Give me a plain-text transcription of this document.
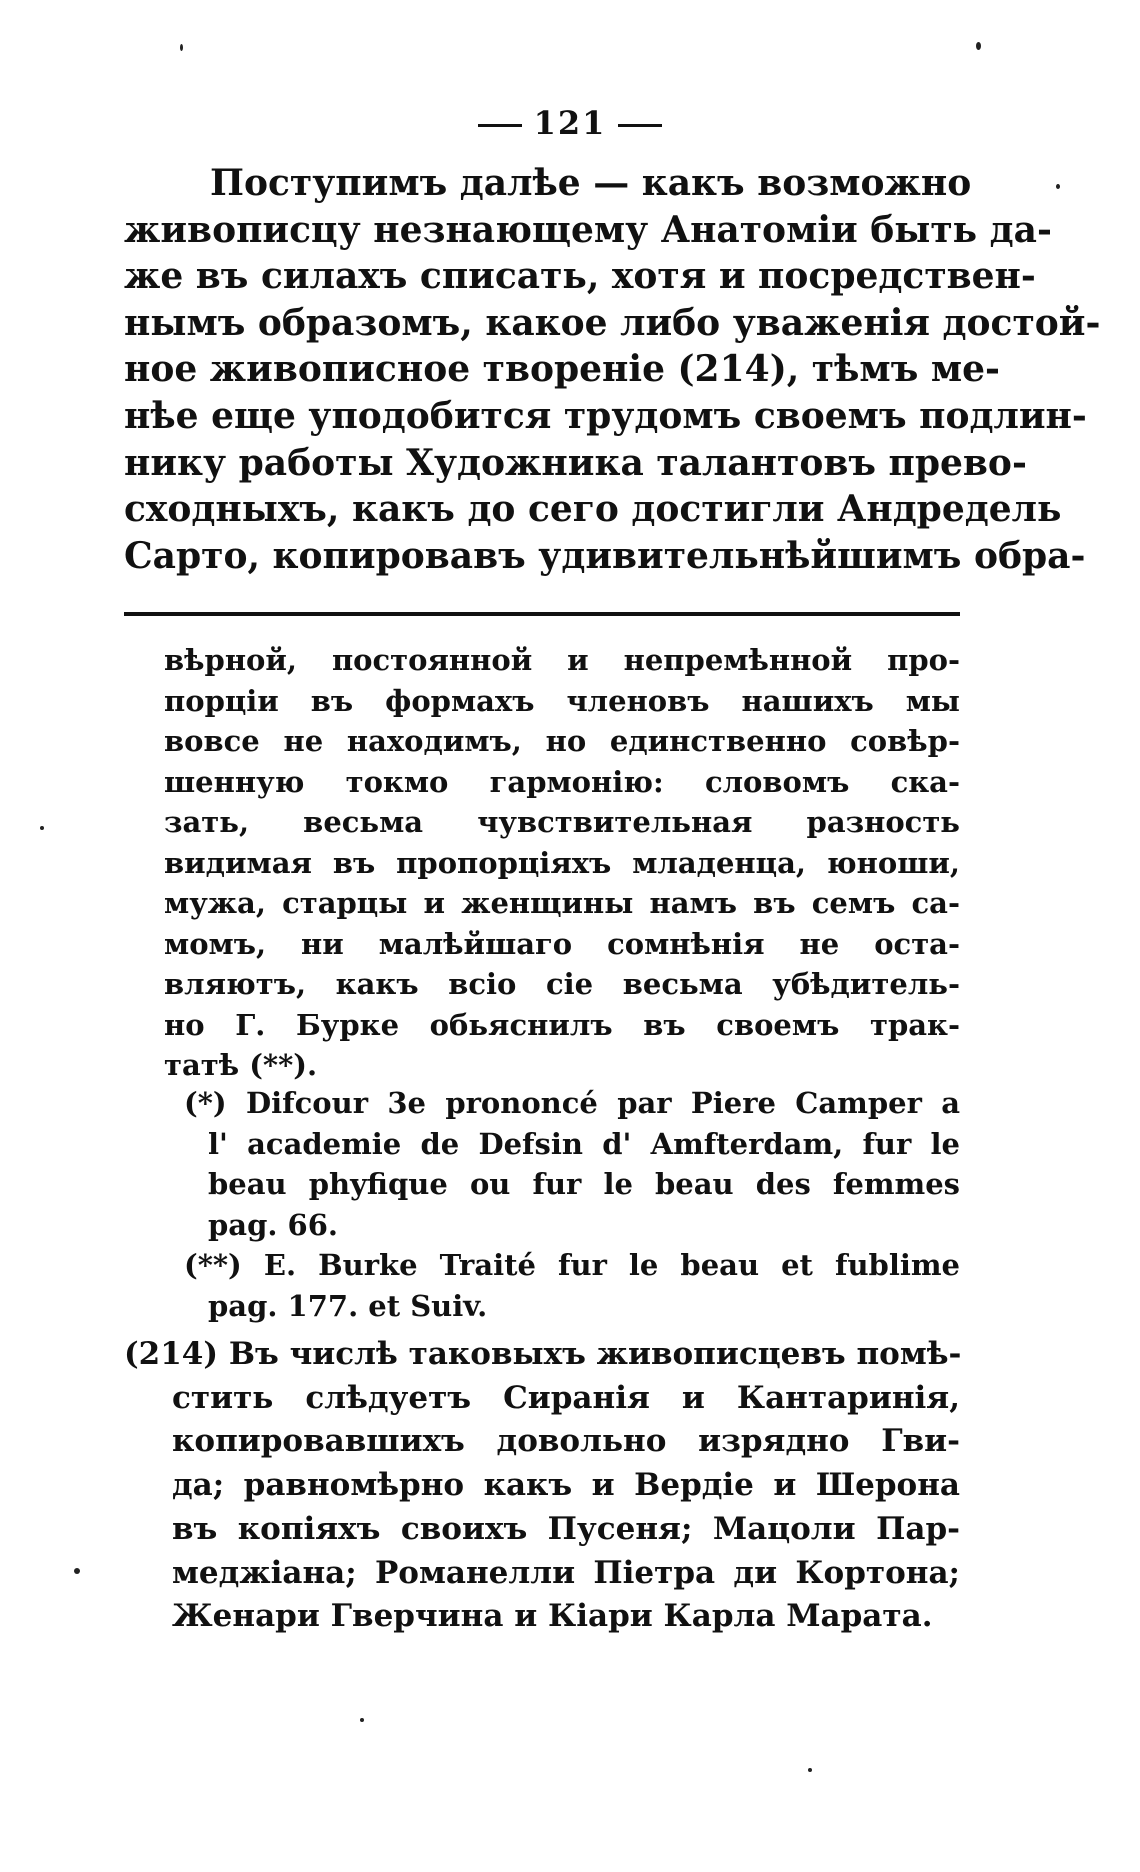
121
Поступимъ далѣе — какъ возможно
живописцу незнающему Анатоміи быть да-
же въ силахъ списать, хотя и посредствен-
нымъ образомъ, какое либо уваженія достой-
ное живописное твореніе (214), тѣмъ ме-
нѣе еще уподобится трудомъ своемъ подлин-
нику работы Художника талантовъ прево-
сходныхъ, какъ до сего достигли Андредель
Сарто, копировавъ удивительнѣйшимъ обра-
вѣрной, постоянной и непремѣнной про-
порціи въ формахъ членовъ нашихъ мы
вовсе не находимъ, но единственно совѣр-
шенную токмо гармонію: словомъ ска-
зать, весьма чувствительная разность
видимая въ пропорціяхъ младенца, юноши,
мужа, старцы и женщины намъ въ семъ са-
момъ, ни малѣйшаго сомнѣнія не оста-
вляютъ, какъ всіо сіе весьма убѣдитель-
но Г. Бурке обьяснилъ въ своемъ трак-
татѣ (**).
(*) Difcour 3e prononcé par Piere Camper a
l' academie de Defsin d' Amfterdam, fur le
beau phyfique ou fur le beau des femmes
pag. 66.
(**) E. Burke Traité fur le beau et fublime
pag. 177. et Suiv.
(214) Въ числѣ таковыхъ живописцевъ помѣ-
стить слѣдуетъ Сиранія и Кантаринія,
копировавшихъ довольно изрядно Гви-
да; равномѣрно какъ и Вердіе и Шерона
въ копіяхъ своихъ Пусеня; Мацоли Пар-
меджіана; Романелли Піетра ди Кортона;
Женари Гверчина и Кіари Карла Марата.
